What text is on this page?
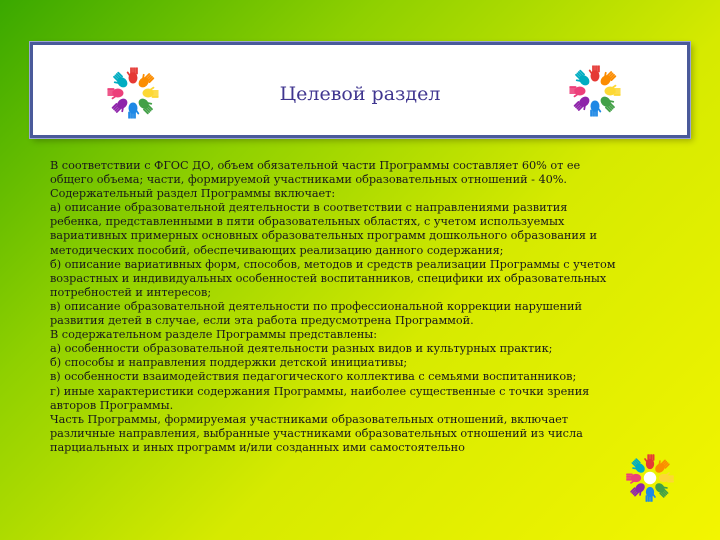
Целевой раздел
В соответствии с ФГОС ДО, объем обязательной части Программы составляет 60% от ее
общего объема; части, формируемой участниками образовательных отношений - 40%.
Содержательный раздел Программы включает:
а) описание образовательной деятельности в соответствии с направлениями развития
ребенка, представленными в пяти образовательных областях, с учетом используемых
вариативных примерных основных образовательных программ дошкольного образования и
методических пособий, обеспечивающих реализацию данного содержания;
б) описание вариативных форм, способов, методов и средств реализации Программы с учетом
возрастных и индивидуальных особенностей воспитанников, специфики их образовательных
потребностей и интересов;
в) описание образовательной деятельности по профессиональной коррекции нарушений
развития детей в случае, если эта работа предусмотрена Программой.
В содержательном разделе Программы представлены:
а) особенности образовательной деятельности разных видов и культурных практик;
б) способы и направления поддержки детской инициативы;
в) особенности взаимодействия педагогического коллектива с семьями воспитанников;
г) иные характеристики содержания Программы, наиболее существенные с точки зрения
авторов Программы.
Часть Программы, формируемая участниками образовательных отношений, включает
различные направления, выбранные участниками образовательных отношений из числа
парциальных и иных программ и/или созданных ими самостоятельно
